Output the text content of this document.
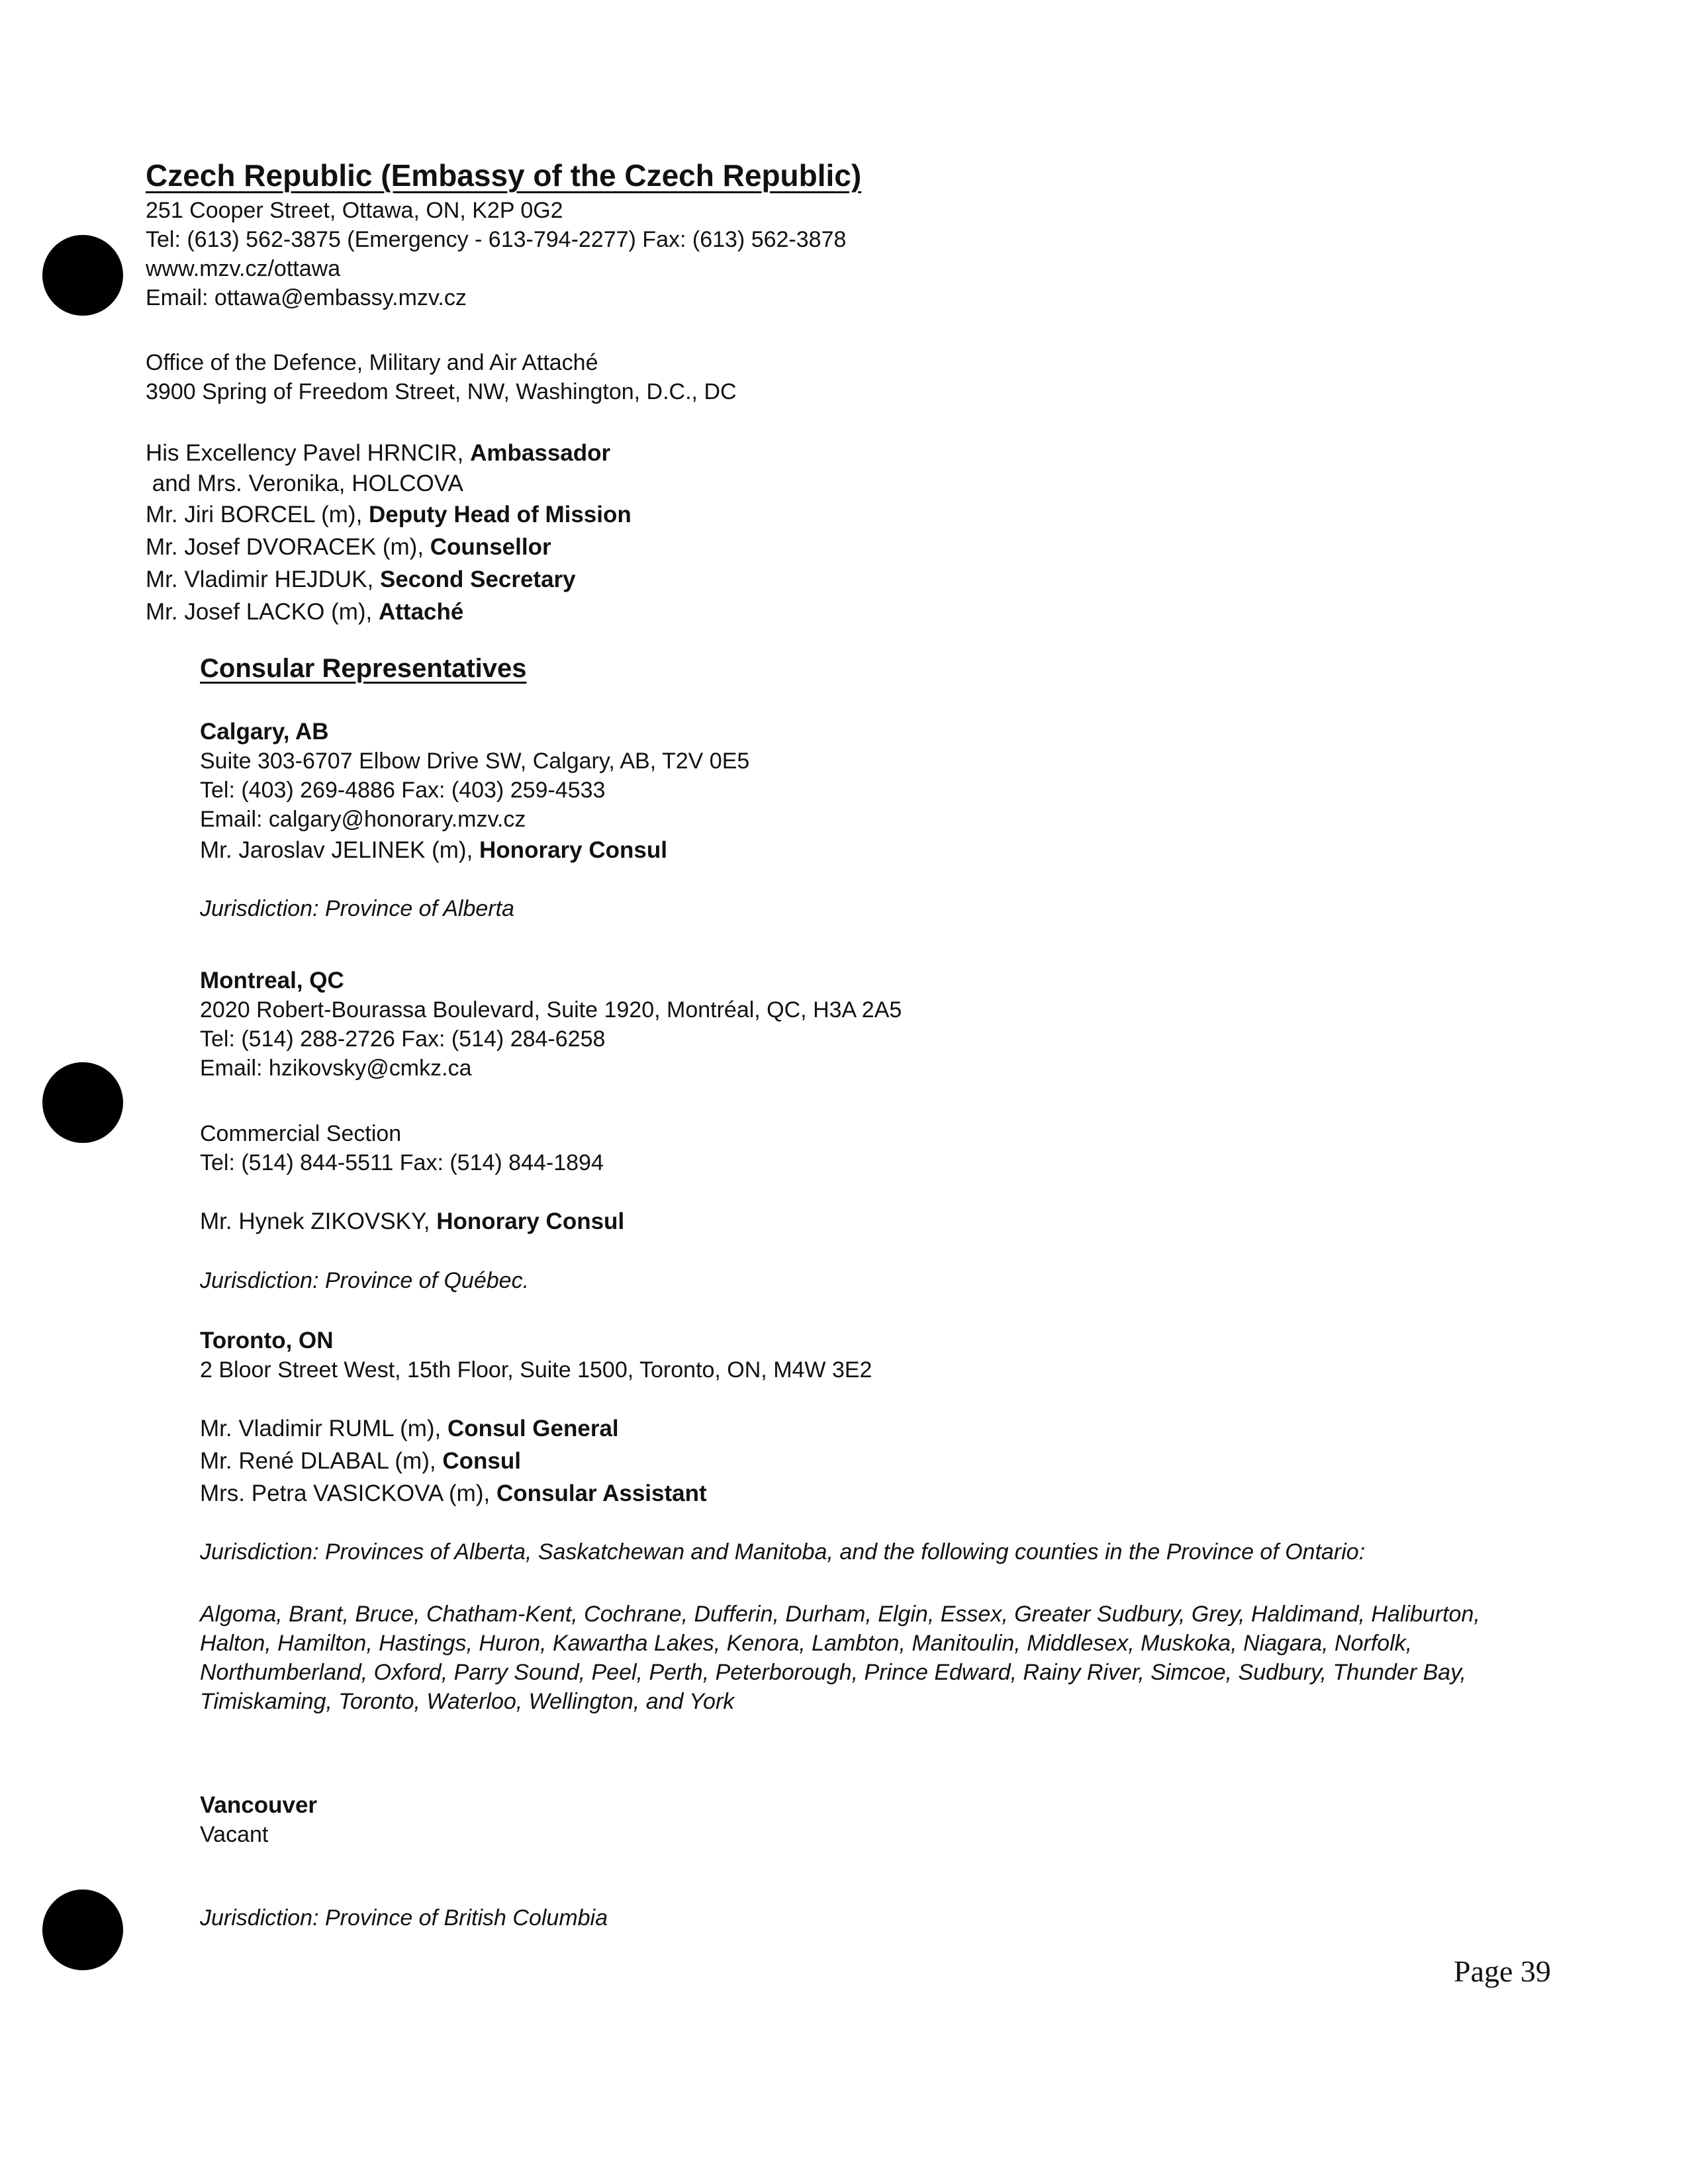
Czech Republic (Embassy of the Czech Republic)
251 Cooper Street, Ottawa, ON, K2P 0G2
Tel: (613) 562-3875 (Emergency - 613-794-2277) Fax: (613) 562-3878
www.mzv.cz/ottawa
Email: ottawa@embassy.mzv.cz
Office of the Defence, Military and Air Attaché
3900 Spring of Freedom Street, NW, Washington, D.C., DC
His Excellency Pavel HRNCIR, Ambassador
and Mrs. Veronika, HOLCOVA
Mr. Jiri BORCEL (m), Deputy Head of Mission
Mr. Josef DVORACEK (m), Counsellor
Mr. Vladimir HEJDUK, Second Secretary
Mr. Josef LACKO (m), Attaché
Consular Representatives
Calgary, AB
Suite 303-6707 Elbow Drive SW, Calgary, AB, T2V 0E5
Tel: (403) 269-4886 Fax: (403) 259-4533
Email: calgary@honorary.mzv.cz
Mr. Jaroslav JELINEK (m), Honorary Consul
Jurisdiction: Province of Alberta
Montreal, QC
2020 Robert-Bourassa Boulevard, Suite 1920, Montréal, QC, H3A 2A5
Tel: (514) 288-2726 Fax: (514) 284-6258
Email: hzikovsky@cmkz.ca
Commercial Section
Tel: (514) 844-5511 Fax: (514) 844-1894
Mr. Hynek ZIKOVSKY, Honorary Consul
Jurisdiction: Province of Québec.
Toronto, ON
2 Bloor Street West, 15th Floor, Suite 1500, Toronto, ON, M4W 3E2
Mr. Vladimir RUML (m), Consul General
Mr. René DLABAL (m), Consul
Mrs. Petra VASICKOVA (m), Consular Assistant
Jurisdiction: Provinces of Alberta, Saskatchewan and Manitoba, and the following counties in the Province of Ontario:
Algoma, Brant, Bruce, Chatham-Kent, Cochrane, Dufferin, Durham, Elgin, Essex, Greater Sudbury, Grey, Haldimand, Haliburton, Halton, Hamilton, Hastings, Huron, Kawartha Lakes, Kenora, Lambton, Manitoulin, Middlesex, Muskoka, Niagara, Norfolk, Northumberland, Oxford, Parry Sound, Peel, Perth, Peterborough, Prince Edward, Rainy River, Simcoe, Sudbury, Thunder Bay, Timiskaming, Toronto, Waterloo, Wellington, and York
Vancouver
Vacant
Jurisdiction: Province of British Columbia
Page 39
